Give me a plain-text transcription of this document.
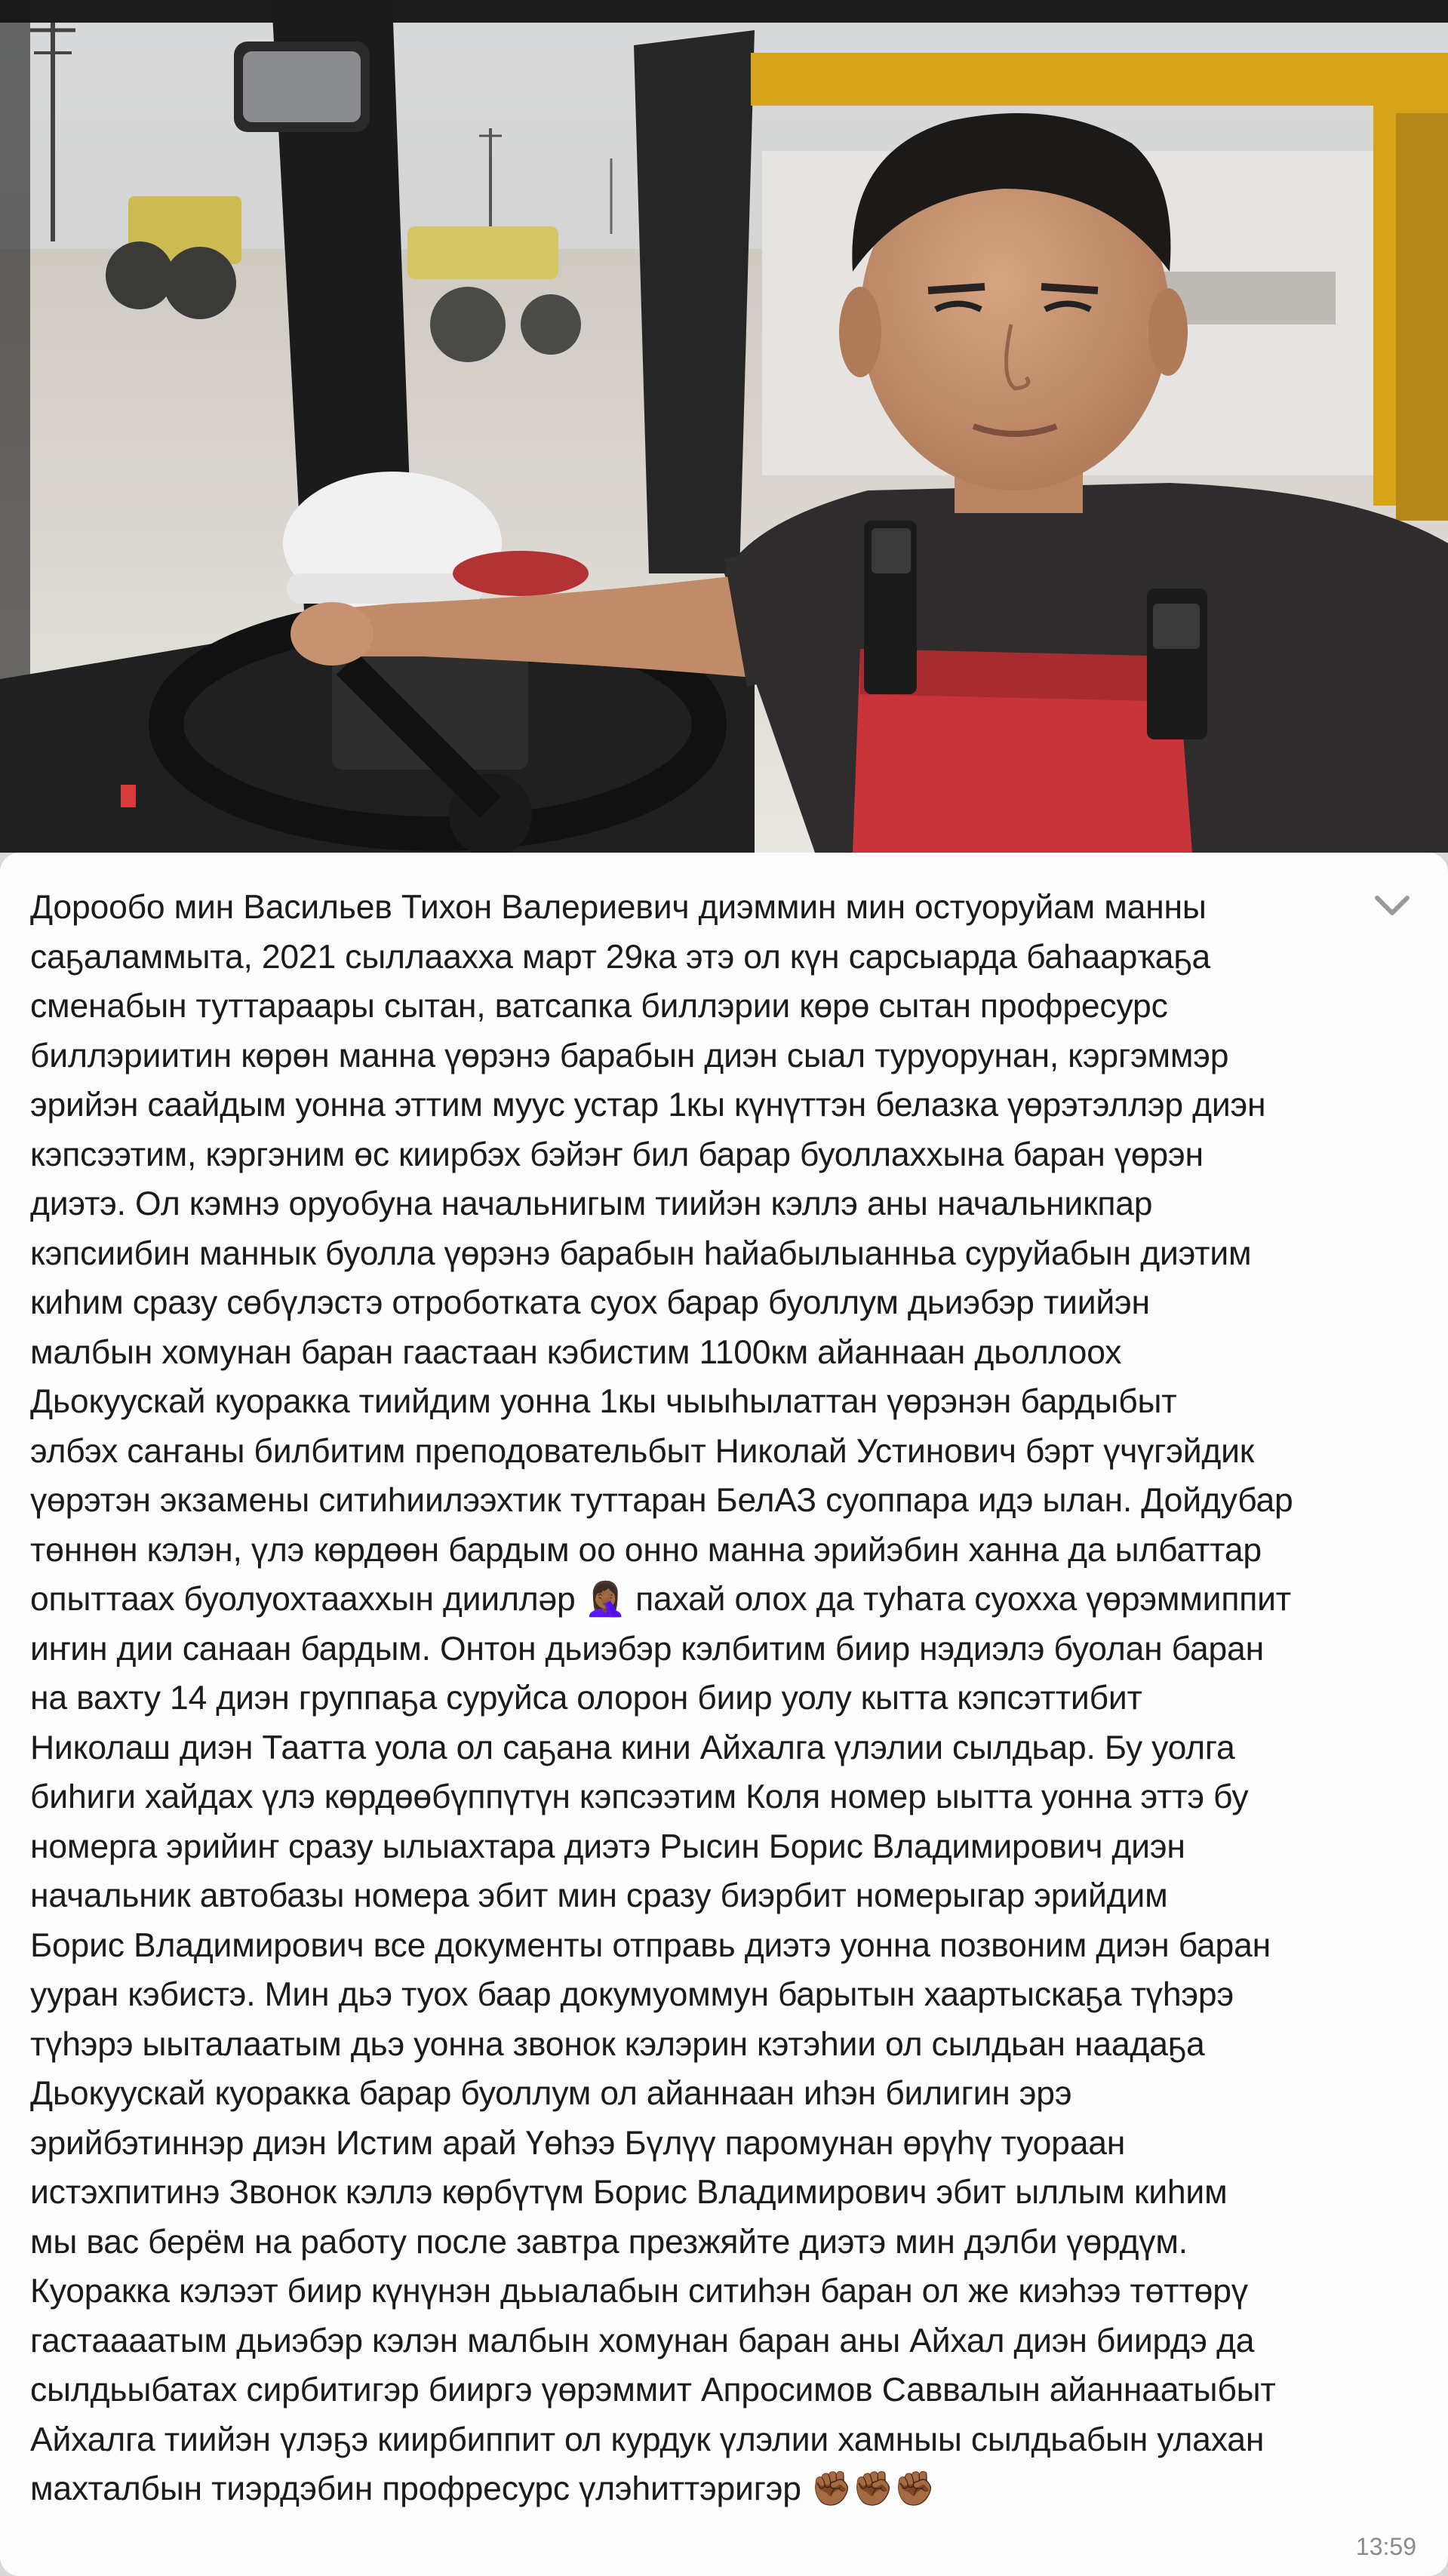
Дорообо мин Васильев Тихон Валериевич диэммин мин остуоруйам манны
саҕаламмыта, 2021 сыллаахха март 29ка этэ ол күн сарсыарда баһаарҡаҕа
сменабын туттараары сытан, ватсапка биллэрии көрө сытан профресурс
биллэриитин көрөн манна үөрэнэ барабын диэн сыал туруорунан, кэргэммэр
эрийэн саайдым уонна эттим муус устар 1кы күнүттэн белазка үөрэтэллэр диэн
кэпсээтим, кэргэним өс киирбэх бэйэҥ бил барар буоллаххына баран үөрэн
диэтэ. Ол кэмнэ оруобуна начальнигым тиийэн кэллэ аны начальникпар
кэпсиибин маннык буолла үөрэнэ барабын һайабылыанньа суруйабын диэтим
киһим сразу сөбүлэстэ отроботката суох барар буоллум дьиэбэр тиийэн
малбын хомунан баран гаастаан кэбистим 1100км айаннаан дьоллоох
Дьокуускай куоракка тиийдим уонна 1кы чыыһылаттан үөрэнэн бардыбыт
элбэх саҥаны билбитим преподовательбыт Николай Устинович бэрт үчүгэйдик
үөрэтэн экзамены ситиһиилээхтик туттаран БелАЗ суоппара идэ ылан. Дойдубар
төннөн кэлэн, үлэ көрдөөн бардым оо онно манна эрийэбин ханна да ылбаттар
опыттаах буолуохтааххын диилләр 🤦🏾‍♀️ пахай олох да туһата суохха үөрэммиппит
иҥин дии санаан бардым. Онтон дьиэбэр кэлбитим биир нэдиэлэ буолан баран
на вахту 14 диэн группаҕа суруйса олорон биир уолу кытта кэпсэттибит
Николаш диэн Таатта уола ол саҕана кини Айхалга үлэлии сылдьар. Бу уолга
биһиги хайдах үлэ көрдөөбүппүтүн кэпсээтим Коля номер ыытта уонна эттэ бу
номерга эрийиҥ сразу ылыахтара диэтэ Рысин Борис Владимирович диэн
начальник автобазы номера эбит мин сразу биэрбит номерыгар эрийдим
Борис Владимирович все документы отправь диэтэ уонна позвоним диэн баран
ууран кэбистэ. Мин дьэ туох баар докумуоммун барытын хаартыскаҕа түһэрэ
түһэрэ ыыталаатым дьэ уонна звонок кэлэрин кэтэһии ол сылдьан наадаҕа
Дьокуускай куоракка барар буоллум ол айаннаан иһэн билигин эрэ
эрийбэтиннэр диэн Истим арай Үөһээ Бүлүү паромунан өрүһү туораан
истэхпитинэ Звонок кэллэ көрбүтүм Борис Владимирович эбит ыллым киһим
мы вас берём на работу после завтра презжяйте диэтэ мин дэлби үөрдүм.
Куоракка кэлээт биир күнүнэн дьыалабын ситиһэн баран ол же киэһээ төттөрү
гастаааатым дьиэбэр кэлэн малбын хомунан баран аны Айхал диэн биирдэ да
сылдьыбатах сирбитигэр бииргэ үөрэммит Апросимов Саввалын айаннаатыбыт
Айхалга тиийэн үлэҕэ киирбиппит ол курдук үлэлии хамныы сылдьабын улахан
махталбын тиэрдэбин профресурс үлэһиттэригэр ✊🏾✊🏾✊🏾

13:59
